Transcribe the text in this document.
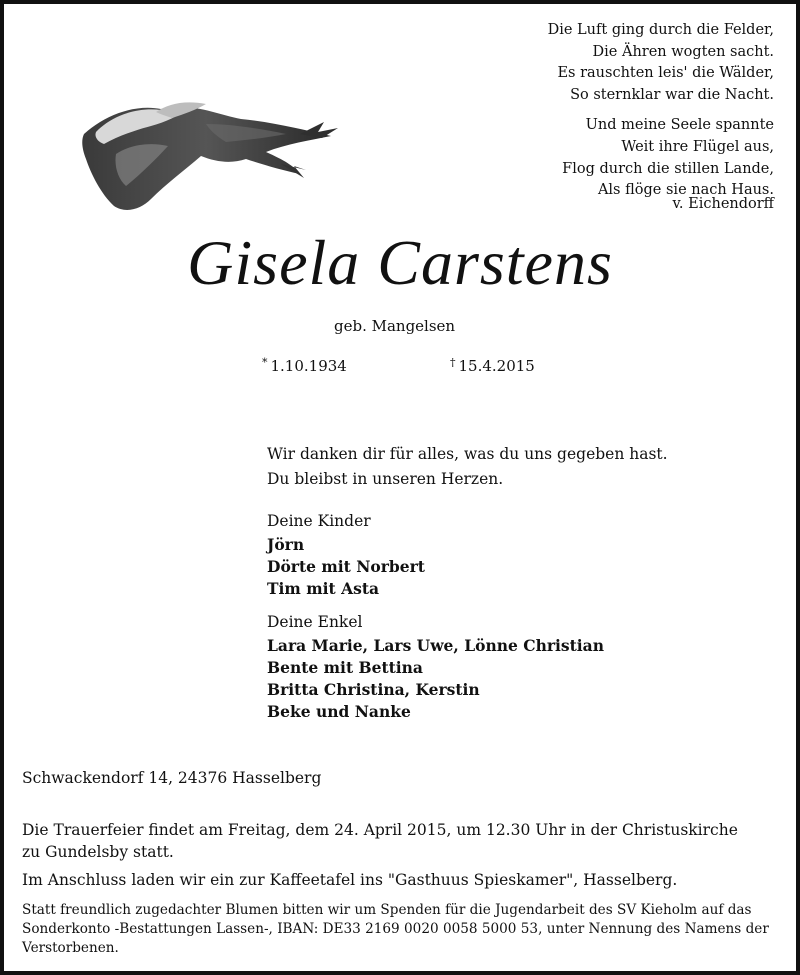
Die Luft ging durch die Felder,
Die Ähren wogten sacht.
Es rauschten leis' die Wälder,
So sternklar war die Nacht.
Und meine Seele spannte
Weit ihre Flügel aus,
Flog durch die stillen Lande,
Als flöge sie nach Haus.
v. Eichendorff
Gisela Carstens
geb. Mangelsen
* 1.10.1934	† 15.4.2015
Wir danken dir für alles, was du uns gegeben hast.
Du bleibst in unseren Herzen.
Deine Kinder
Jörn
Dörte mit Norbert
Tim mit Asta
Deine Enkel
Lara Marie, Lars Uwe, Lönne Christian
Bente mit Bettina
Britta Christina, Kerstin
Beke und Nanke
Schwackendorf 14, 24376 Hasselberg
Die Trauerfeier findet am Freitag, dem 24. April 2015, um 12.30 Uhr in der Christuskirche zu Gundelsby statt.
Im Anschluss laden wir ein zur Kaffeetafel ins "Gasthuus Spieskamer", Hasselberg.
Statt freundlich zugedachter Blumen bitten wir um Spenden für die Jugendarbeit des SV Kieholm auf das Sonderkonto -Bestattungen Lassen-, IBAN: DE33 2169 0020 0058 5000 53, unter Nennung des Namens der Verstorbenen.
